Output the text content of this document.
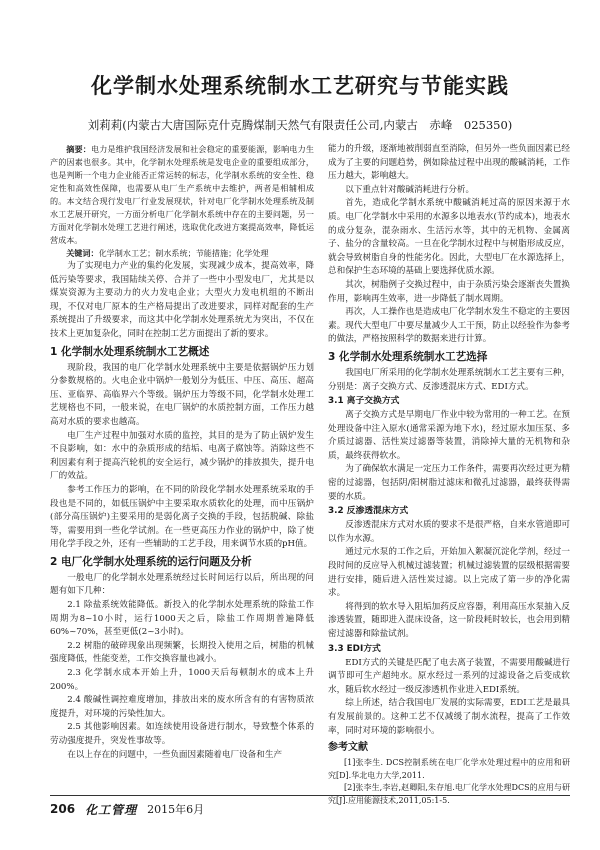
化学制水处理系统制水工艺研究与节能实践

刘莉莉(内蒙古大唐国际克什克腾煤制天然气有限责任公司,内蒙古　赤峰　025350)

摘要：电力是维护我国经济发展和社会稳定的重要能源，影响电力生产的因素也很多。其中，化学制水处理系统是发电企业的重要组成部分，也是判断一个电力企业能否正常运转的标志，化学制水系统的安全性、稳定性和高效性保障，也需要从电厂生产系统中去维护，两者是相辅相成的。本文结合现行发电厂行业发展现状，针对电厂化学制水处理系统及制水工艺展开研究，一方面分析电厂化学制水系统中存在的主要问题，另一方面对化学制水处理工艺进行阐述，选取优化改进方案提高效率，降低运营成本。

关键词：化学制水工艺；制水系统；节能措施；化学处理

为了实现电力产业的集约化发展，实现减少成本，提高效率，降低污染等要求，我国陆续关停、合并了一些中小型发电厂，尤其是以煤炭资源为主要动力的火力发电企业；大型火力发电机组的不断出现，不仅对电厂原本的生产格局提出了改进要求，同样对配套的生产系统提出了升级要求，而这其中化学制水处理系统尤为突出，不仅在技术上更加复杂化，同时在控制工艺方面提出了新的要求。

1 化学制水处理系统制水工艺概述

现阶段，我国的电厂化学制水处理系统中主要是依据锅炉压力划分参数规格的。火电企业中锅炉一般划分为低压、中压、高压、超高压、亚临界、高临界六个等级。锅炉压力等级不同，化学制水处理工艺规格也不同，一般来说，在电厂锅炉的水质控制方面，工作压力越高对水质的要求也越高。

电厂生产过程中加强对水质的监控，其目的是为了防止锅炉发生不良影响，如：水中的杂质形成的结垢、电离子腐蚀等。消除这些不利因素有利于提高汽轮机的安全运行，减少锅炉的排放损失，提升电厂的效益。

参考工作压力的影响，在不同的阶段化学制水处理系统采取的手段也是不同的，如低压锅炉中主要采取水质软化的处理，而中压锅炉(部分高压锅炉)主要采用的是弱化离子交换的手段，包括脱碱、除盐等，需要用到一些化学试剂。在一些更高压力作业的锅炉中，除了使用化学手段之外，还有一些辅助的工艺手段，用来调节水质的pH值。

2 电厂化学制水处理系统的运行问题及分析

一般电厂的化学制水处理系统经过长时间运行以后，所出现的问题有如下几种：

2.1 除盐系统效能降低。新投入的化学制水处理系统的除盐工作周期为8~10小时，运行1000天之后，除盐工作周期普遍降低60%~70%，甚至更低(2~3小时)。

2.2 树脂的破碎现象出现频繁，长期投入使用之后，树脂的机械强度降低，性能变差，工作交换容量也减小。

2.3 化学制水成本开始上升，1000天后每顿制水的成本上升200%。

2.4 酸碱性调控难度增加，排放出来的废水所含有的有害物质浓度提升，对环境的污染性加大。

2.5 其他影响因素。如连续使用设备进行制水，导致整个体系的劳动强度提升，突发性事故等。

在以上存在的问题中，一些负面因素随着电厂设备和生产

能力的升级，逐渐地被削弱直至消除，但另外一些负面因素已经成为了主要的问题趋势，例如除盐过程中出现的酸碱消耗，工作压力越大，影响越大。

以下重点针对酸碱消耗进行分析。

首先，造成化学制水系统中酸碱消耗过高的原因来源于水质。电厂化学制水中采用的水源多以地表水(节约成本)，地表水的成分复杂，混杂雨水、生活污水等，其中的无机物、金属离子、盐分的含量较高。一旦在化学制水过程中与树脂形成反应，就会导致树脂自身的性能劣化。因此，大型电厂在水源选择上，总和保护生态环境的基础上要选择优质水源。

其次，树脂例子交换过程中，由于杂质污染会逐渐丧失置换作用，影响再生效率，进一步降低了制水周期。

再次，人工操作也是造成电厂化学制水发生不稳定的主要因素。现代大型电厂中要尽量减少人工干预，防止以经验作为参考的做法，严格按照科学的数据来进行计算。

3 化学制水处理系统制水工艺选择

我国电厂所采用的化学制水处理系统制水工艺主要有三种，分别是：离子交换方式、反渗透混床方式、EDI方式。

3.1 离子交换方式

离子交换方式是早期电厂作业中较为常用的一种工艺。在预处理设备中注入原水(通常采源为地下水)，经过原水加压泵、多介质过滤器、活性炭过滤器等装置，消除掉大量的无机物和杂质，最终获得软水。

为了确保软水满足一定压力工作条件，需要再次经过更为精密的过滤器，包括阴/阳树脂过滤床和微孔过滤器，最终获得需要的水质。

3.2 反渗透混床方式

反渗透混床方式对水质的要求不是很严格，自来水管道即可以作为水源。

通过元水泵的工作之后，开始加入絮凝沉淀化学剂，经过一段时间的反应导入机械过滤装置；机械过滤装置的层级根据需要进行安排，随后进入活性炭过滤。以上完成了第一步的净化需求。

将得到的软水导入阻垢加药反应容器，利用高压水泵抽入反渗透装置，随即进入混床设备，这一阶段耗时较长，也会用到精密过滤器和除盐试剂。

3.3 EDI方式

EDI方式的关键是匹配了电去离子装置，不需要用酸碱进行调节即可生产超纯水。原水经过一系列的过滤设备之后变成软水，随后软水经过一级反渗透机作业进入EDI系统。

综上所述，结合我国电厂发展的实际需要，EDI工艺是最具有发展前景的。这种工艺不仅减缓了制水流程，提高了工作效率，同时对环境的影响很小。

参考文献

[1]张李生. DCS控制系统在电厂化学水处理过程中的应用和研究[D].华北电力大学,2011.

[2]张李生,李岩,赵卿阳,朱存旭.电厂化学水处理DCS的应用与研究[J].应用能源技术,2011,05:1-5.

206 化工管理 2015年6月
